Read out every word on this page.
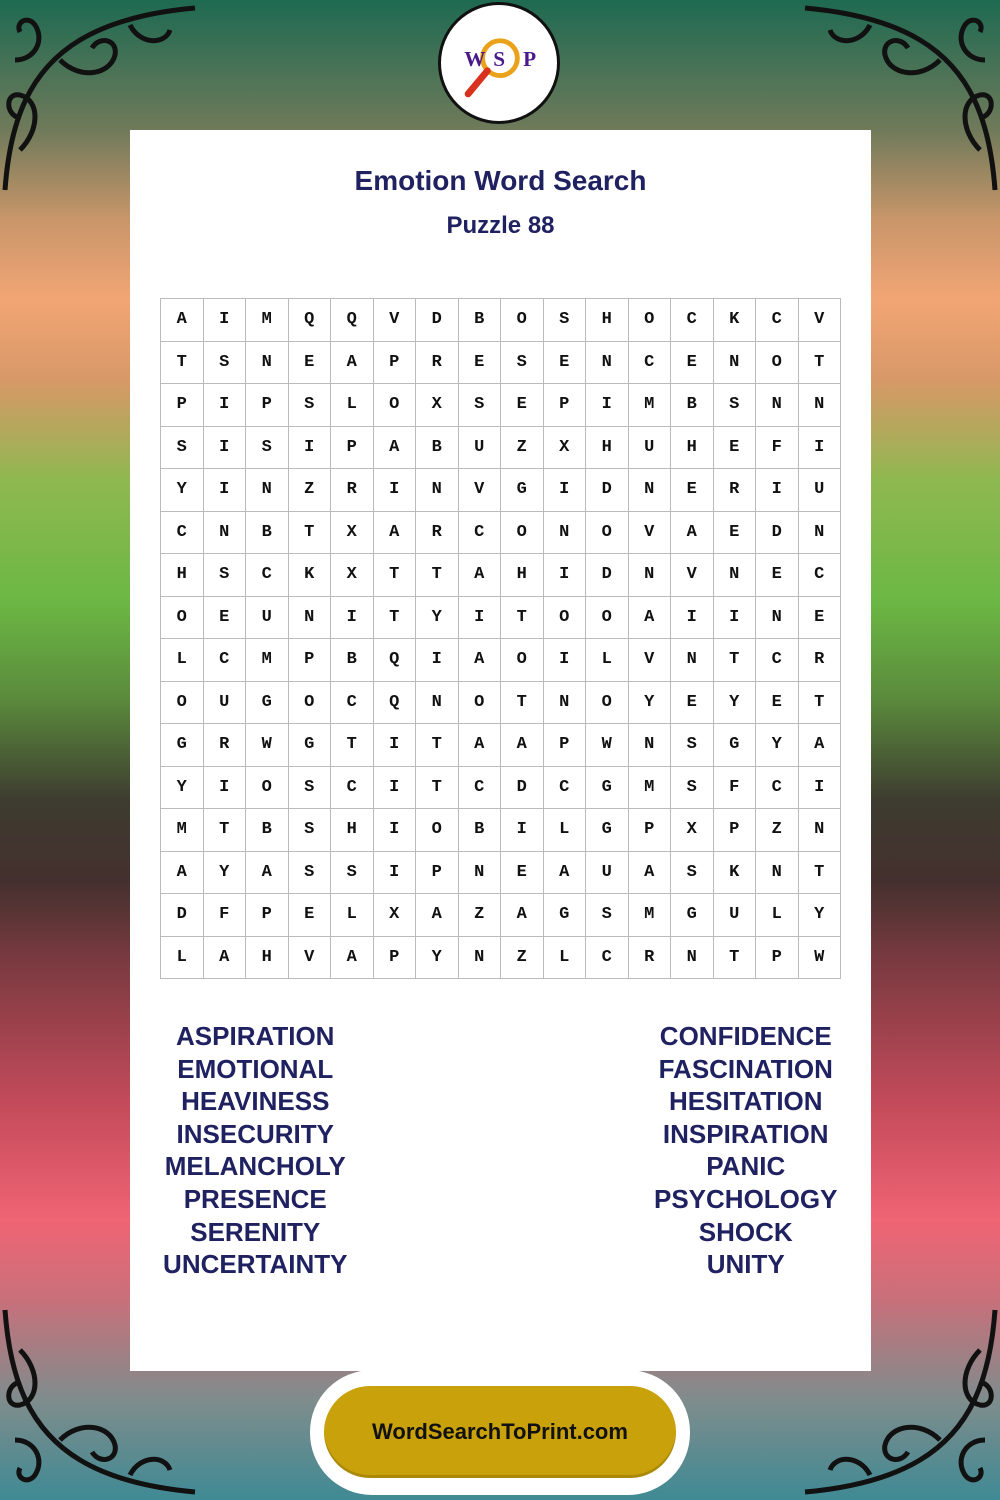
W S P
Emotion Word Search
Puzzle 88
A	I	M	Q	Q	V	D	B	O	S	H	O	C	K	C	V
T	S	N	E	A	P	R	E	S	E	N	C	E	N	O	T
P	I	P	S	L	O	X	S	E	P	I	M	B	S	N	N
S	I	S	I	P	A	B	U	Z	X	H	U	H	E	F	I
Y	I	N	Z	R	I	N	V	G	I	D	N	E	R	I	U
C	N	B	T	X	A	R	C	O	N	O	V	A	E	D	N
H	S	C	K	X	T	T	A	H	I	D	N	V	N	E	C
O	E	U	N	I	T	Y	I	T	O	O	A	I	I	N	E
L	C	M	P	B	Q	I	A	O	I	L	V	N	T	C	R
O	U	G	O	C	Q	N	O	T	N	O	Y	E	Y	E	T
G	R	W	G	T	I	T	A	A	P	W	N	S	G	Y	A
Y	I	O	S	C	I	T	C	D	C	G	M	S	F	C	I
M	T	B	S	H	I	O	B	I	L	G	P	X	P	Z	N
A	Y	A	S	S	I	P	N	E	A	U	A	S	K	N	T
D	F	P	E	L	X	A	Z	A	G	S	M	G	U	L	Y
L	A	H	V	A	P	Y	N	Z	L	C	R	N	T	P	W
ASPIRATION
EMOTIONAL
HEAVINESS
INSECURITY
MELANCHOLY
PRESENCE
SERENITY
UNCERTAINTY
CONFIDENCE
FASCINATION
HESITATION
INSPIRATION
PANIC
PSYCHOLOGY
SHOCK
UNITY
WordSearchToPrint.com
